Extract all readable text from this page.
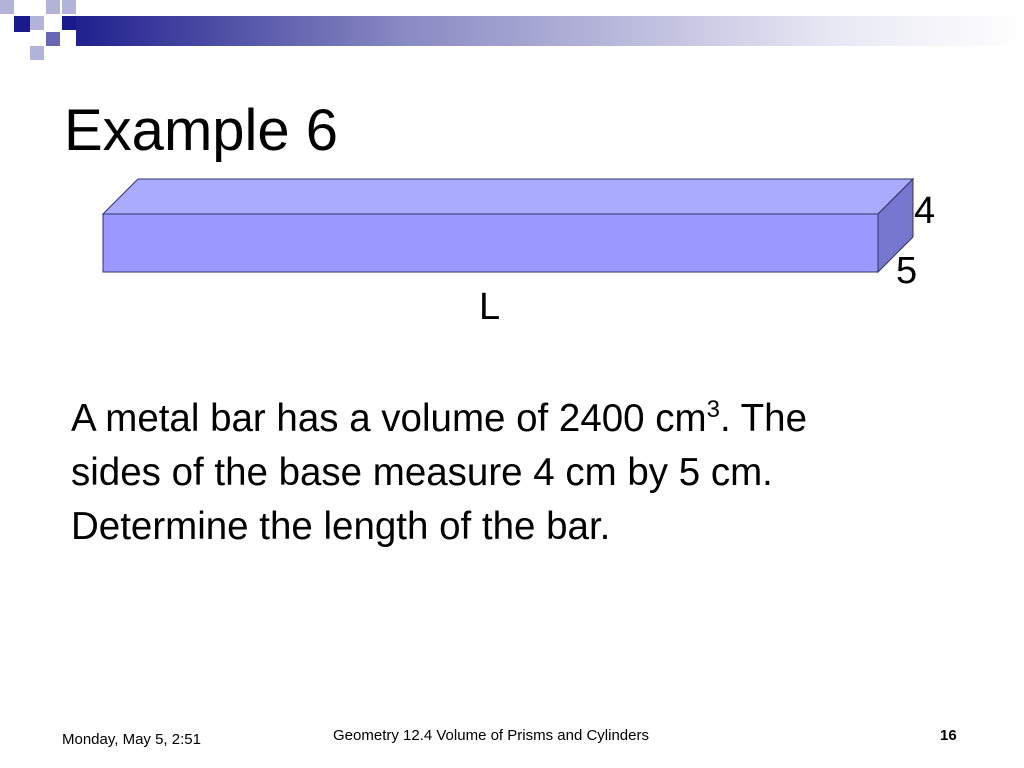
Example 6
4
5
L
A metal bar has a volume of 2400 $cm^3$. The
sides of the base measure 4 cm by 5 cm.
Determine the length of the bar.
Monday, May 5, 2:51	Geometry 12.4 Volume of Prisms and Cylinders	16
